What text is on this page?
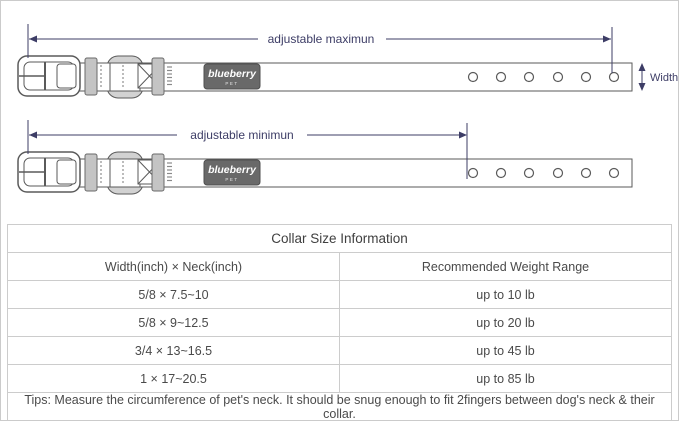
adjustable maximun
adjustable minimun
Width
Collar Size Information	
Width(inch) × Neck(inch)	Recommended Weight Range
5/8 × 7.5~10	up to 10 lb
5/8 × 9~12.5	up to 20 lb
3/4 × 13~16.5	up to 45 lb
1 × 17~20.5	up to 85 lb
Tips: Measure the circumference of pet's neck. It should be snug enough to fit 2fingers between dog's neck & their collar.	
